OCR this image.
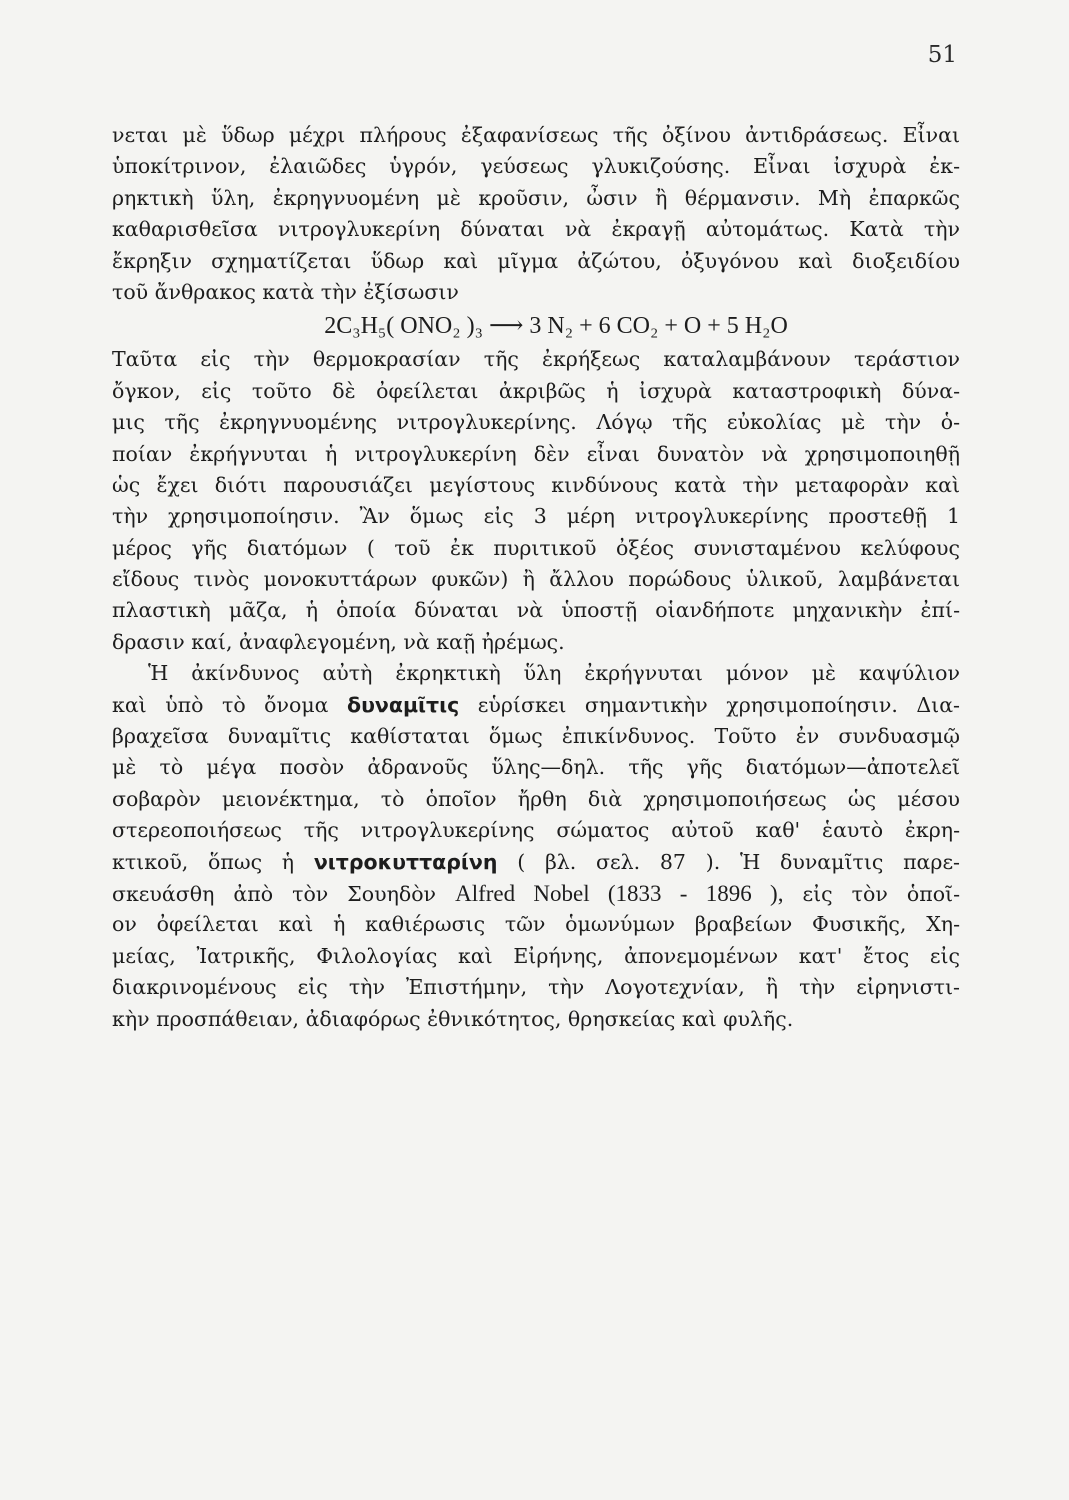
51
νεται μὲ ὕδωρ μέχρι πλήρους ἐξαφανίσεως τῆς ὀξίνου ἀντιδράσεως. Εἶναι
ὑποκίτρινον, ἐλαιῶδες ὑγρόν, γεύσεως γλυκιζούσης. Εἶναι ἰσχυρὰ ἐκ-
ρηκτικὴ ὕλη, ἐκρηγνυομένη μὲ κροῦσιν, ὦσιν ἢ θέρμανσιν. Μὴ ἐπαρκῶς
καθαρισθεῖσα νιτρογλυκερίνη δύναται νὰ ἐκραγῇ αὐτομάτως. Κατὰ τὴν
ἔκρηξιν σχηματίζεται ὕδωρ καὶ μῖγμα ἀζώτου, ὀξυγόνου καὶ διοξειδίου
τοῦ ἄνθρακος κατὰ τὴν ἐξίσωσιν
2C₃H₅( ONO₂ )₃ ⟶ 3 N₂ + 6 CO₂ + O + 5 H₂O
Ταῦτα εἰς τὴν θερμοκρασίαν τῆς ἐκρήξεως καταλαμβάνουν τεράστιον
ὄγκον, εἰς τοῦτο δὲ ὀφείλεται ἀκριβῶς ἡ ἰσχυρὰ καταστροφικὴ δύνα-
μις τῆς ἐκρηγνυομένης νιτρογλυκερίνης. Λόγῳ τῆς εὐκολίας μὲ τὴν ὁ-
ποίαν ἐκρήγνυται ἡ νιτρογλυκερίνη δὲν εἶναι δυνατὸν νὰ χρησιμοποιηθῇ
ὡς ἔχει διότι παρουσιάζει μεγίστους κινδύνους κατὰ τὴν μεταφορὰν καὶ
τὴν χρησιμοποίησιν. Ἂν ὅμως εἰς 3 μέρη νιτρογλυκερίνης προστεθῇ 1
μέρος γῆς διατόμων ( τοῦ ἐκ πυριτικοῦ ὀξέος συνισταμένου κελύφους
εἴδους τινὸς μονοκυττάρων φυκῶν) ἢ ἄλλου πορώδους ὑλικοῦ, λαμβάνεται
πλαστικὴ μᾶζα, ἡ ὁποία δύναται νὰ ὑποστῇ οἱανδήποτε μηχανικὴν ἐπί-
δρασιν καί, ἀναφλεγομένη, νὰ καῇ ἠρέμως.
Ἡ ἀκίνδυνος αὐτὴ ἐκρηκτικὴ ὕλη ἐκρήγνυται μόνον μὲ καψύλιον
καὶ ὑπὸ τὸ ὄνομα δυναμῖτις εὑρίσκει σημαντικὴν χρησιμοποίησιν. Δια-
βραχεῖσα δυναμῖτις καθίσταται ὅμως ἐπικίνδυνος. Τοῦτο ἐν συνδυασμῷ
μὲ τὸ μέγα ποσὸν ἀδρανοῦς ὕλης—δηλ. τῆς γῆς διατόμων—ἀποτελεῖ
σοβαρὸν μειονέκτημα, τὸ ὁποῖον ἤρθη διὰ χρησιμοποιήσεως ὡς μέσου
στερεοποιήσεως τῆς νιτρογλυκερίνης σώματος αὐτοῦ καθ' ἑαυτὸ ἐκρη-
κτικοῦ, ὅπως ἡ νιτροκυτταρίνη ( βλ. σελ. 87 ). Ἡ δυναμῖτις παρε-
σκευάσθη ἀπὸ τὸν Σουηδὸν Alfred Nobel (1833 - 1896 ), εἰς τὸν ὁποῖ-
ον ὀφείλεται καὶ ἡ καθιέρωσις τῶν ὁμωνύμων βραβείων Φυσικῆς, Χη-
μείας, Ἰατρικῆς, Φιλολογίας καὶ Εἰρήνης, ἀπονεμομένων κατ' ἔτος εἰς
διακρινομένους εἰς τὴν Ἐπιστήμην, τὴν Λογοτεχνίαν, ἢ τὴν εἰρηνιστι-
κὴν προσπάθειαν, ἀδιαφόρως ἐθνικότητος, θρησκείας καὶ φυλῆς.
